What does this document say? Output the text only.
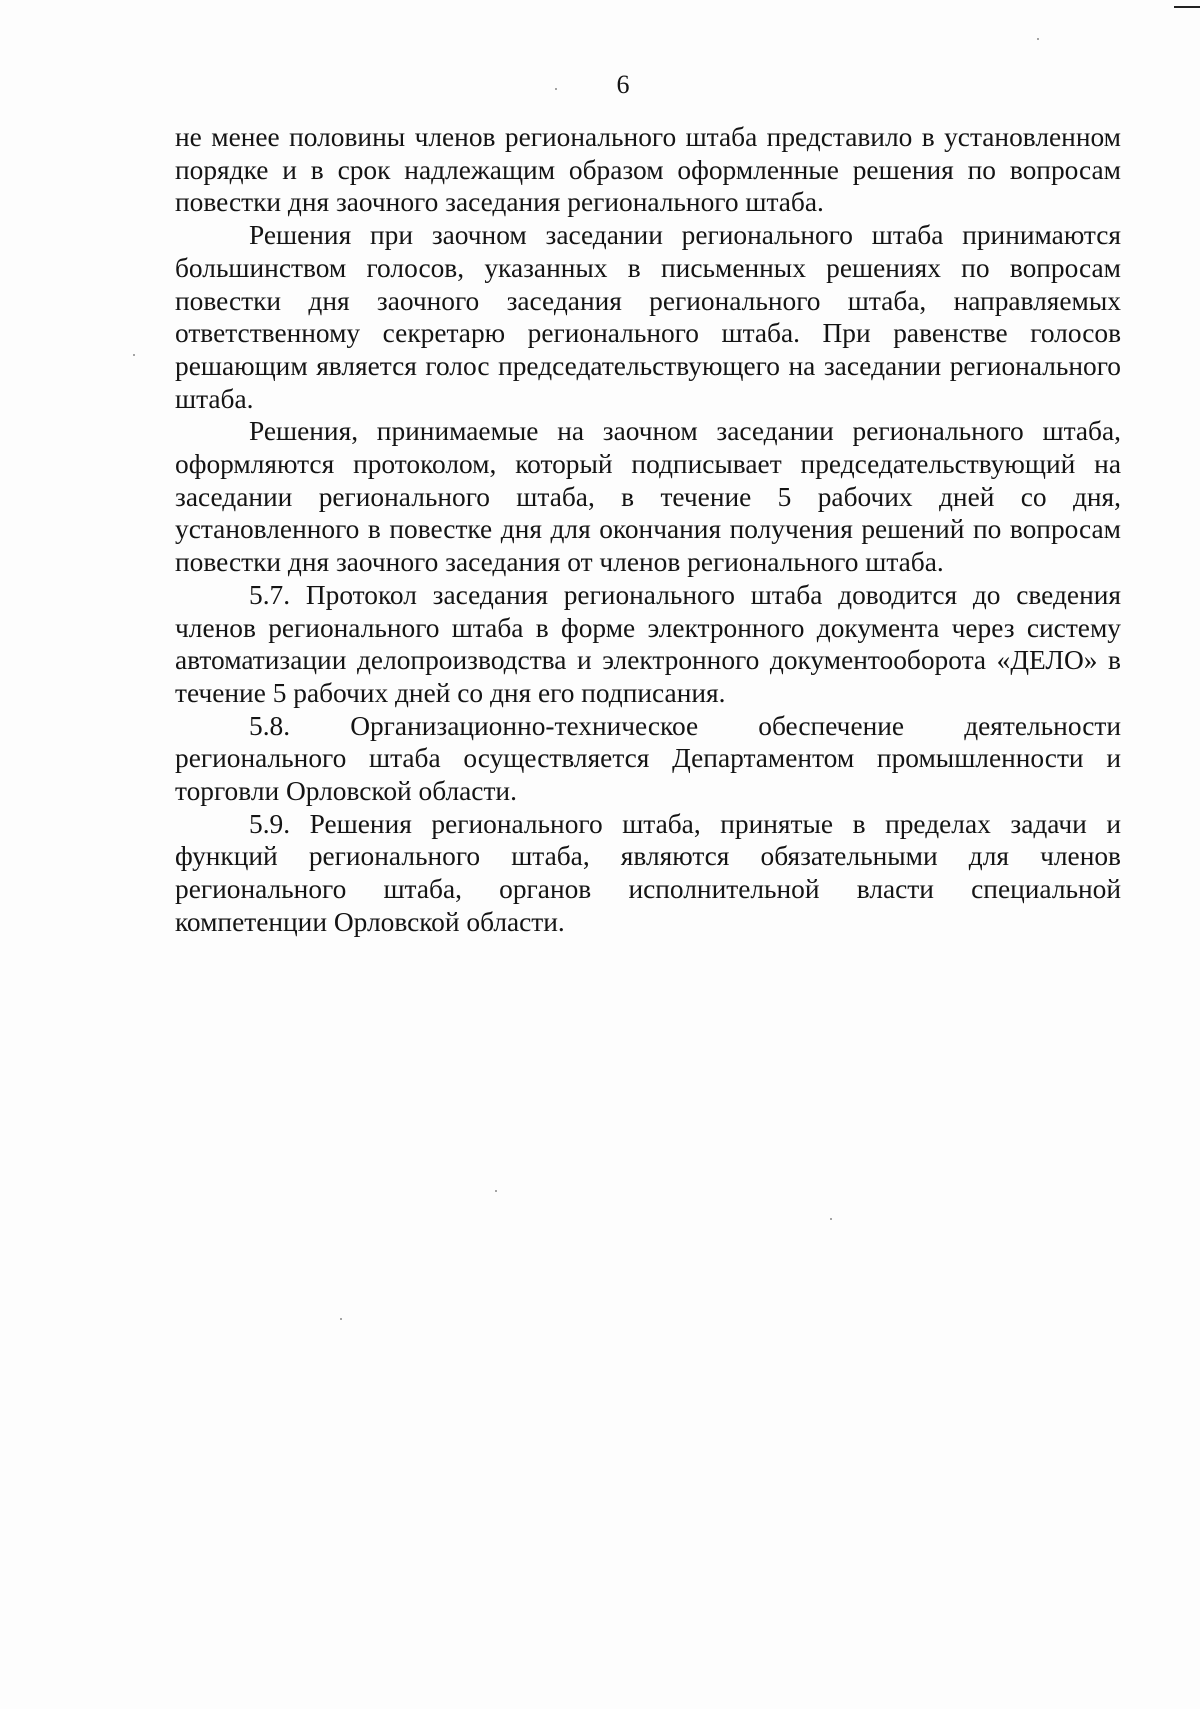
6

не менее половины членов регионального штаба представило в установленном порядке и в срок надлежащим образом оформленные решения по вопросам повестки дня заочного заседания регионального штаба.

Решения при заочном заседании регионального штаба принимаются большинством голосов, указанных в письменных решениях по вопросам повестки дня заочного заседания регионального штаба, направляемых ответственному секретарю регионального штаба. При равенстве голосов решающим является голос председательствующего на заседании регионального штаба.

Решения, принимаемые на заочном заседании регионального штаба, оформляются протоколом, который подписывает председательствующий на заседании регионального штаба, в течение 5 рабочих дней со дня, установленного в повестке дня для окончания получения решений по вопросам повестки дня заочного заседания от членов регионального штаба.

5.7. Протокол заседания регионального штаба доводится до сведения членов регионального штаба в форме электронного документа через систему автоматизации делопроизводства и электронного документооборота «ДЕЛО» в течение 5 рабочих дней со дня его подписания.

5.8. Организационно-техническое обеспечение деятельности регионального штаба осуществляется Департаментом промышленности и торговли Орловской области.

5.9. Решения регионального штаба, принятые в пределах задачи и функций регионального штаба, являются обязательными для членов регионального штаба, органов исполнительной власти специальной компетенции Орловской области.
